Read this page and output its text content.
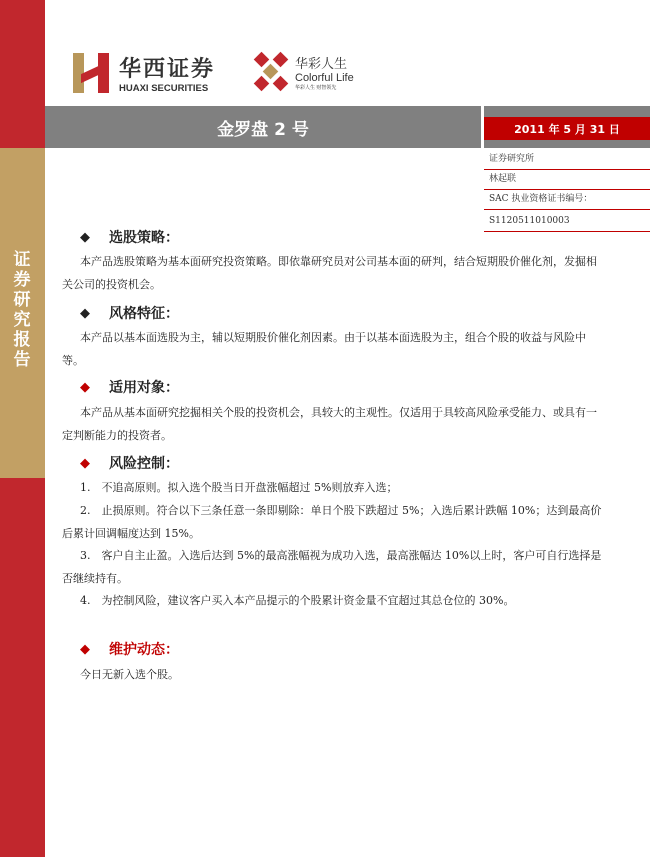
证券研究报告
华西证券
HUAXI SECURITIES
华彩人生
Colorful Life
华彩人生 财智领先
金罗盘 2 号	2011 年 5 月 31 日
证券研究所
林起联
SAC 执业资格证书编号：
S1120511010003
◆	选股策略：
本产品选股策略为基本面研究投资策略。即依靠研究员对公司基本面的研判，结合短期股价催化剂，发掘相关公司的投资机会。
◆	风格特征：
本产品以基本面选股为主，辅以短期股价催化剂因素。由于以基本面选股为主，组合个股的收益与风险中等。
◆	适用对象：
本产品从基本面研究挖掘相关个股的投资机会，具较大的主观性。仅适用于具较高风险承受能力、或具有一定判断能力的投资者。
◆	风险控制：
1.　不追高原则。拟入选个股当日开盘涨幅超过 5%则放弃入选；
2.　止损原则。符合以下三条任意一条即剔除：单日个股下跌超过 5%；入选后累计跌幅 10%；达到最高价后累计回调幅度达到 15%。
3.　客户自主止盈。入选后达到 5%的最高涨幅视为成功入选，最高涨幅达 10%以上时，客户可自行选择是否继续持有。
4.　为控制风险，建议客户买入本产品提示的个股累计资金量不宜超过其总仓位的 30%。
◆	维护动态：
今日无新入选个股。
